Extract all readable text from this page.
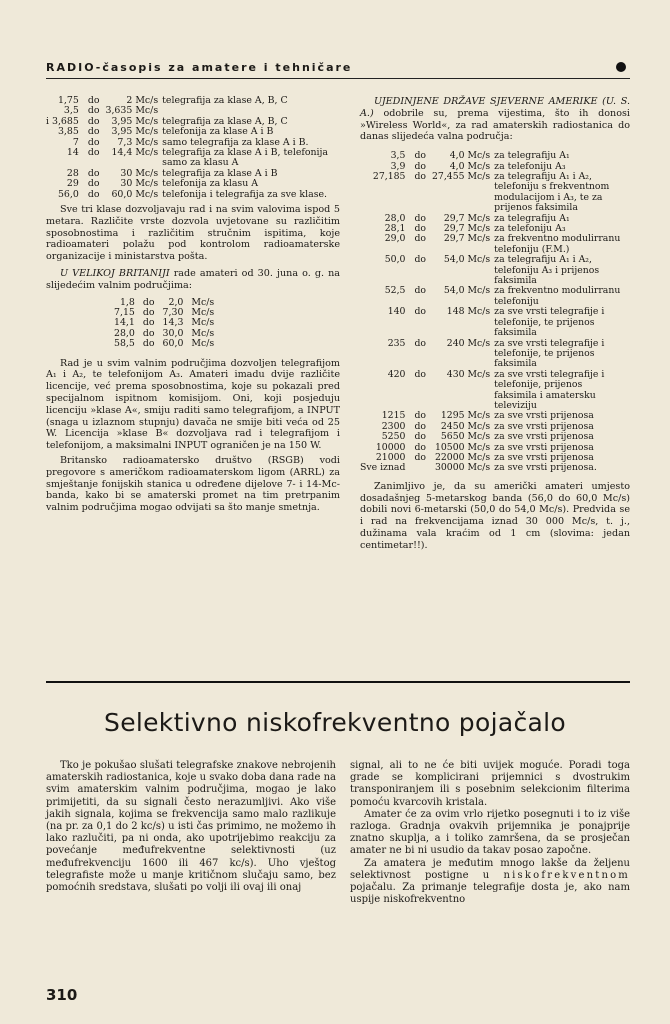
RADIO-časopis za amatere i tehničare
1,75	do	2	Mc/s	telegrafija za klase A, B, C
3,5	do	3,635	Mc/s	
i 3,685	do	3,95	Mc/s	telegrafija za klase A, B, C
3,85	do	3,95	Mc/s	telefonija za klase A i B
7	do	7,3	Mc/s	samo telegrafija za klase A i B.
14	do	14,4	Mc/s	telegrafija za klase A i B, telefonija samo za klasu A
28	do	30	Mc/s	telegrafija za klase A i B
29	do	30	Mc/s	telefonija za klasu A
56,0	do	60,0	Mc/s	telefonija i telegrafija za sve klase.

Sve tri klase dozvoljavaju rad i na svim valovima ispod 5 metara. Različite vrste dozvola uvjetovane su različitim sposobnostima i različitim stručnim ispitima, koje radioamateri polažu pod kontrolom radioamaterske organizacije i ministarstva pošta.

U VELIKOJ BRITANIJI rade amateri od 30. juna o. g. na slijedećim valnim područjima:

1,8	do	2,0	Mc/s
7,15	do	7,30	Mc/s
14,1	do	14,3	Mc/s
28,0	do	30,0	Mc/s
58,5	do	60,0	Mc/s

Rad je u svim valnim područjima dozvoljen telegrafijom A₁ i A₂, te telefonijom A₃. Amateri imadu dvije različite licencije, već prema sposobnostima, koje su pokazali pred specijalnom ispitnom komisijom. Oni, koji posjeduju licenciju »klase A«, smiju raditi samo telegrafijom, a INPUT (snaga u izlaznom stupnju) davača ne smije biti veća od 25 W. Licencija »klase B« dozvoljava rad i telegrafijom i telefonijom, a maksimalni INPUT ograničen je na 150 W.

Britansko radioamatersko društvo (RSGB) vodi pregovore s američkom radioamaterskom ligom (ARRL) za smještanje fonijskih stanica u određene dijelove 7- i 14-Mc-banda, kako bi se amaterski promet na tim pretrpanim valnim područjima mogao odvijati sa što manje smetnja.

UJEDINJENE DRŽAVE SJEVERNE AMERIKE (U. S. A.) odobrile su, prema vijestima, što ih donosi »Wireless World«, za rad amaterskih radiostanica do danas slijedeća valna područja:

3,5	do	4,0	Mc/s	za telegrafiju A₁
3,9	do	4,0	Mc/s	za telefoniju A₃
27,185	do	27,455	Mc/s	za telegrafiju A₁ i A₂, telefoniju s frekventnom modulacijom i A₃, te za prijenos faksimila
28,0	do	29,7	Mc/s	za telegrafiju A₁
28,1	do	29,7	Mc/s	za telefoniju A₃
29,0	do	29,7	Mc/s	za frekventno modulirranu telefoniju (F.M.)
50,0	do	54,0	Mc/s	za telegrafiju A₁ i A₂, telefoniju A₃ i prijenos faksimila
52,5	do	54,0	Mc/s	za frekventno modulirranu telefoniju
140	do	148	Mc/s	za sve vrsti telegrafije i telefonije, te prijenos faksimila
235	do	240	Mc/s	za sve vrsti telegrafije i telefonije, te prijenos faksimila
420	do	430	Mc/s	za sve vrsti telegrafije i telefonije, prijenos faksimila i amatersku televiziju
1215	do	1295	Mc/s	za sve vrsti prijenosa
2300	do	2450	Mc/s	za sve vrsti prijenosa
5250	do	5650	Mc/s	za sve vrsti prijenosa
10000	do	10500	Mc/s	za sve vrsti prijenosa
21000	do	22000	Mc/s	za sve vrsti prijenosa
Sve iznad		30000	Mc/s	za sve vrsti prijenosa.

Zanimljivo je, da su američki amateri umjesto dosadašnjeg 5-metarskog banda (56,0 do 60,0 Mc/s) dobili novi 6-metarski (50,0 do 54,0 Mc/s). Predvida se i rad na frekvencijama iznad 30 000 Mc/s, t. j., dužinama vala kraćim od 1 cm (slovima: jedan centimetar!!).

Selektivno niskofrekventno pojačalo

Tko je pokušao slušati telegrafske znakove nebrojenih amaterskih radiostanica, koje u svako doba dana rade na svim amaterskim valnim područjima, mogao je lako primijetiti, da su signali često nerazumljivi. Ako više jakih signala, kojima se frekvencija samo malo razlikuje (na pr. za 0,1 do 2 kc/s) u isti čas primimo, ne možemo ih lako razlučiti, pa ni onda, ako upotrijebimo reakciju za povećanje međufrekventne selektivnosti (uz međufrekvenciju 1600 ili 467 kc/s). Uho vještog telegrafiste može u manje kritičnom slučaju samo, bez pomoćnih sredstava, slušati po volji ili ovaj ili onaj

signal, ali to ne će biti uvijek moguće. Poradi toga grade se komplicirani prijemnici s dvostrukim transponiranjem ili s posebnim selekcionim filterima pomoću kvarcovih kristala.

Amater će za ovim vrlo rijetko posegnuti i to iz više razloga. Gradnja ovakvih prijemnika je ponajprije znatno skuplja, a i toliko zamršena, da se prosječan amater ne bi ni usudio da takav posao započne.

Za amatera je međutim mnogo lakše da željenu selektivnost postigne u niskofrekventnom pojačalu. Za primanje telegrafije dosta je, ako nam uspije niskofrekventno

310
